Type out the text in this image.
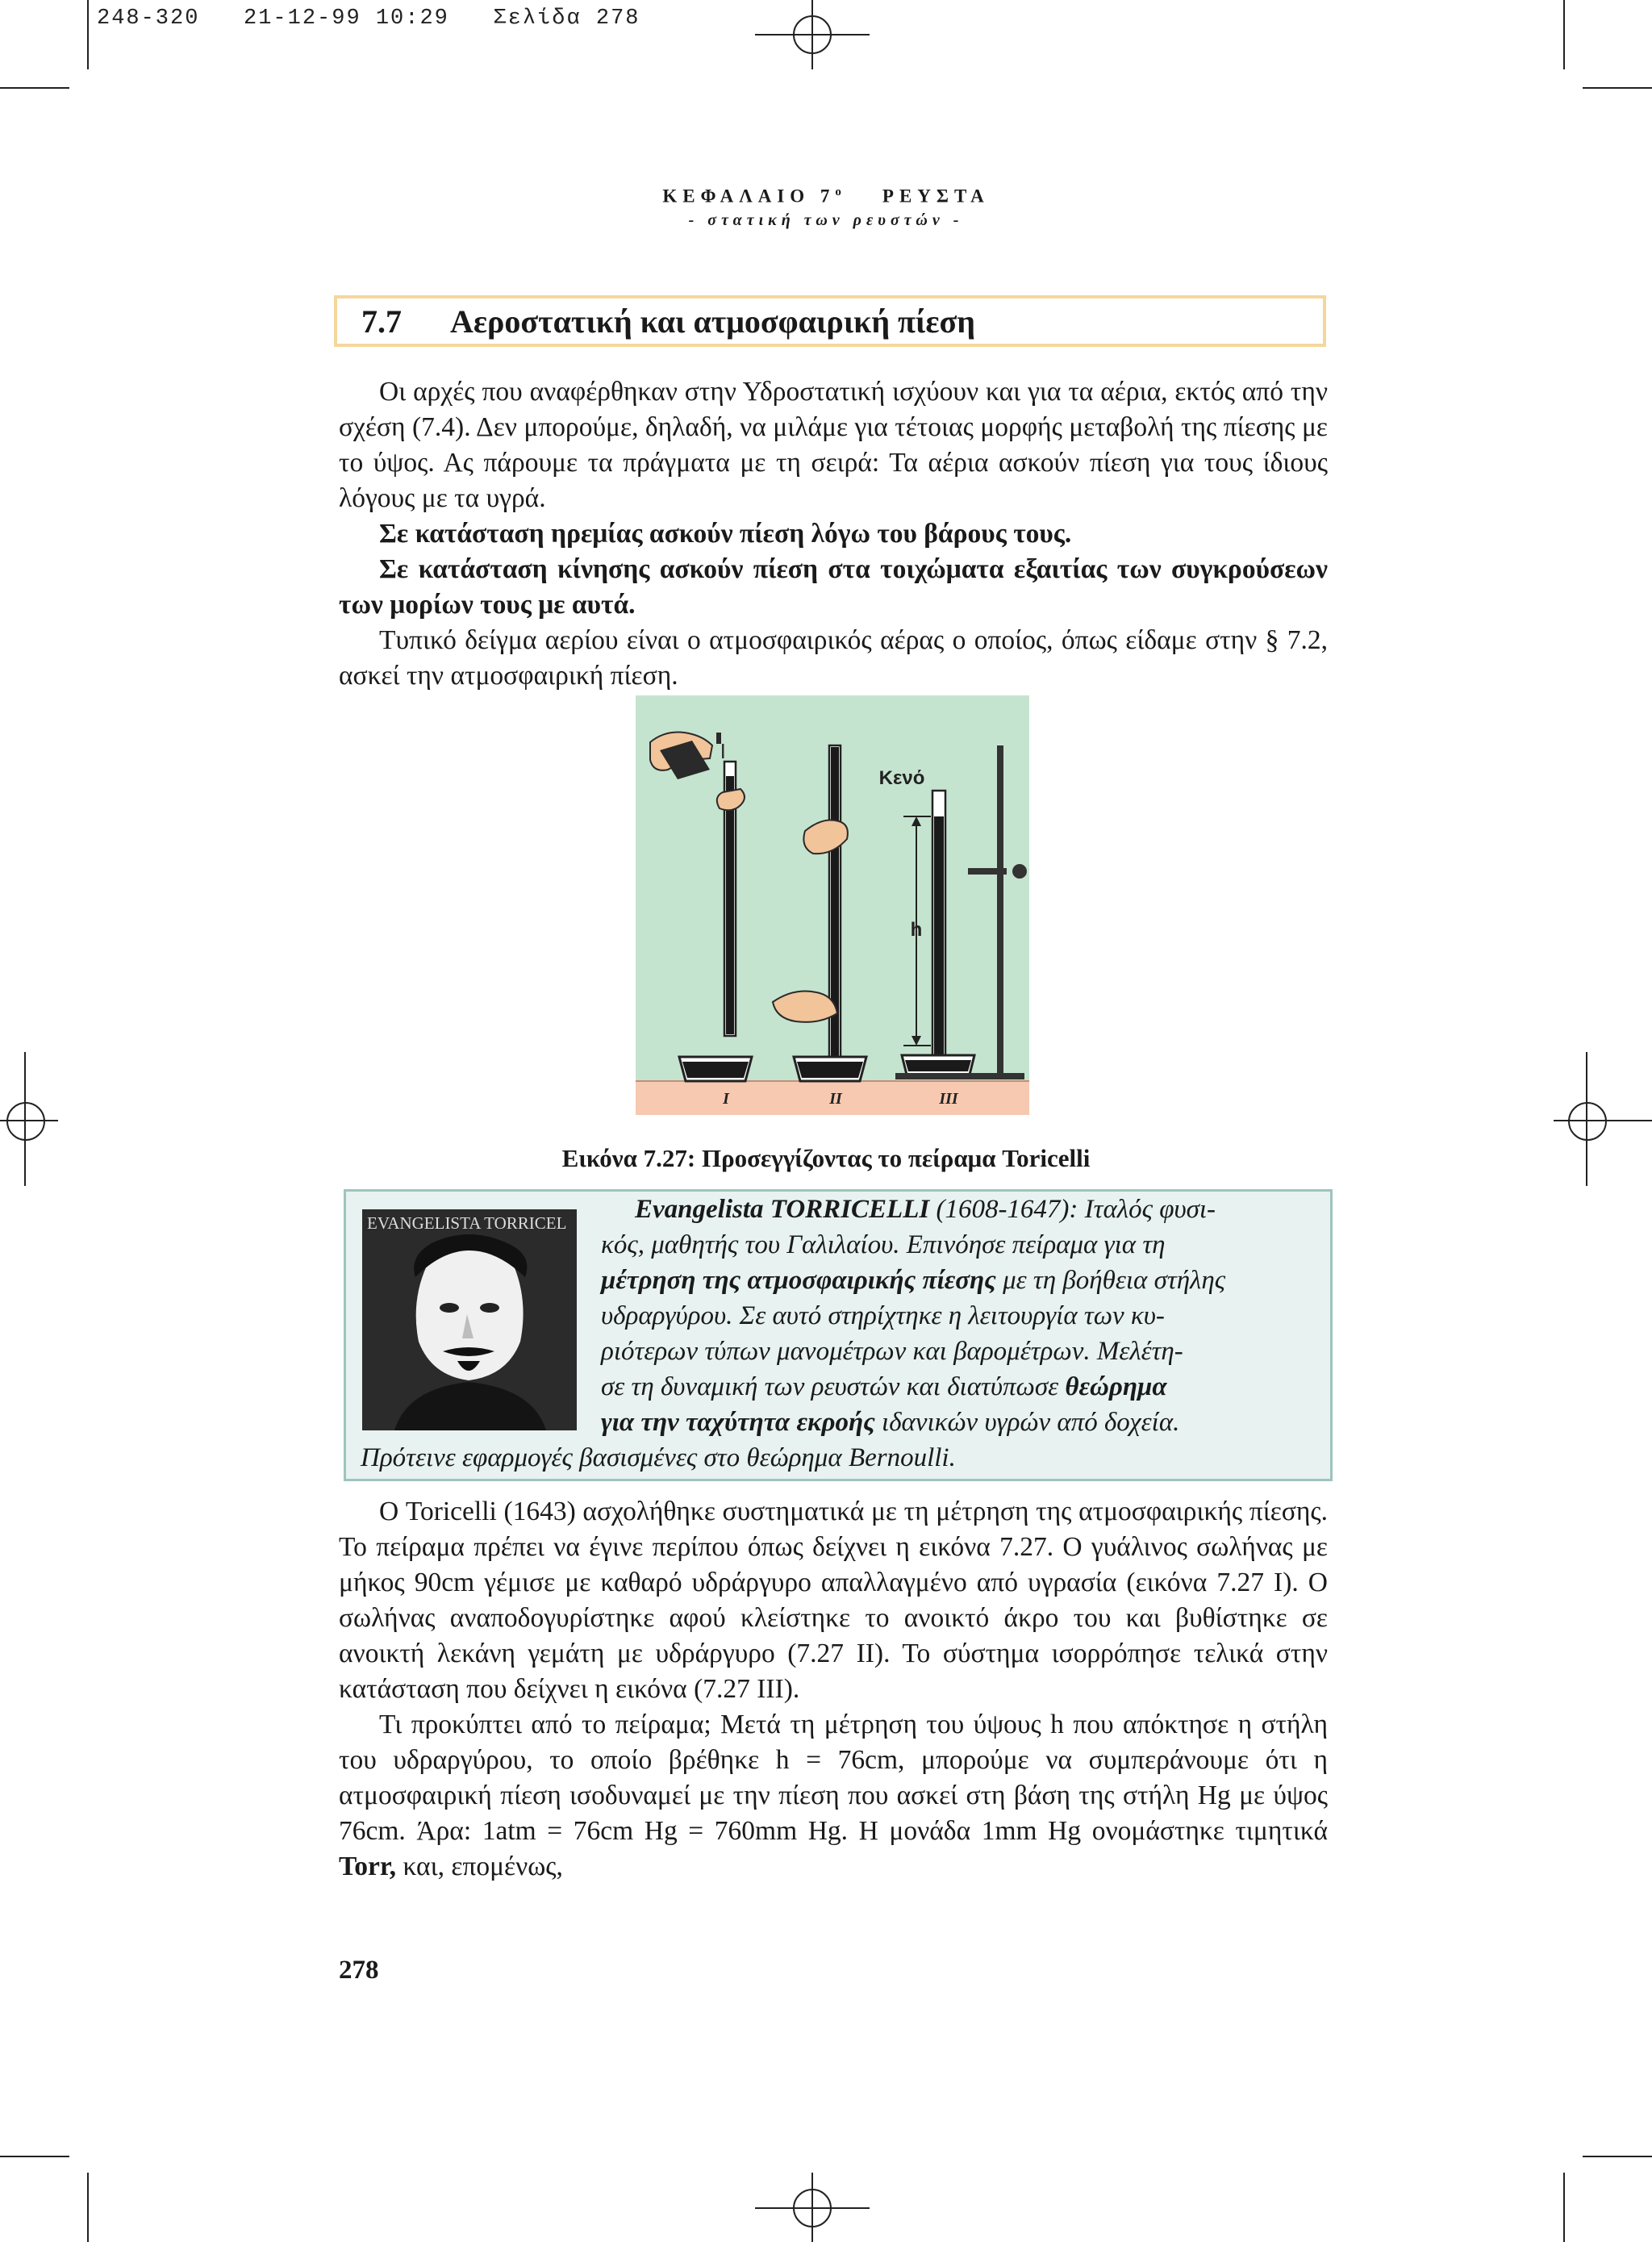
248-320   21-12-99 10:29   Σελίδα 278
ΚΕΦΑΛΑΙΟ $7^o$ ΡΕΥΣΤΑ
- στατική των ρευστών -
7.7	Αεροστατική και ατμοσφαιρική πίεση

Οι αρχές που αναφέρθηκαν στην Υδροστατική ισχύουν και για τα αέρια, εκτός από την σχέση (7.4). Δεν μπορούμε, δηλαδή, να μιλάμε για τέτοιας μορφής μεταβολή της πίεσης με το ύψος. Ας πάρουμε τα πράγματα με τη σειρά: Τα αέρια ασκούν πίεση για τους ίδιους λόγους με τα υγρά.

Σε κατάσταση ηρεμίας ασκούν πίεση λόγω του βάρους τους.

Σε κατάσταση κίνησης ασκούν πίεση στα τοιχώματα εξαιτίας των συγκρούσεων των μορίων τους με αυτά.

Τυπικό δείγμα αερίου είναι ο ατμοσφαιρικός αέρας ο οποίος, όπως είδαμε στην § 7.2, ασκεί την ατμοσφαιρική πίεση.

h
Κενό
I	II	III
Εικόνα 7.27: Προσεγγίζοντας το πείραμα Toricelli
EVANGELISTA TORRICEL	Evangelista TORRICELLI (1608-1647): Ιταλός φυσι-
κός, μαθητής του Γαλιλαίου. Επινόησε πείραμα για τη
μέτρηση της ατμοσφαιρικής πίεσης με τη βοήθεια στήλης
υδραργύρου. Σε αυτό στηρίχτηκε η λειτουργία των κυ-
ριότερων τύπων μανομέτρων και βαρομέτρων. Μελέτη-
σε τη δυναμική των ρευστών και διατύπωσε θεώρημα
για την ταχύτητα εκροής ιδανικών υγρών από δοχεία.
Πρότεινε εφαρμογές βασισμένες στο θεώρημα Bernoulli.

Ο Toricelli (1643) ασχολήθηκε συστηματικά με τη μέτρηση της ατμοσφαιρικής πίεσης. Το πείραμα πρέπει να έγινε περίπου όπως δείχνει η εικόνα 7.27. Ο γυάλινος σωλήνας με μήκος 90cm γέμισε με καθαρό υδράργυρο απαλλαγμένο από υγρασία (εικόνα 7.27 I). Ο σωλήνας αναποδογυρίστηκε αφού κλείστηκε το ανοικτό άκρο του και βυθίστηκε σε ανοικτή λεκάνη γεμάτη με υδράργυρο (7.27 II). Το σύστημα ισορρόπησε τελικά στην κατάσταση που δείχνει η εικόνα (7.27 III).

Τι προκύπτει από το πείραμα; Μετά τη μέτρηση του ύψους h που απόκτησε η στήλη του υδραργύρου, το οποίο βρέθηκε h = 76cm, μπορούμε να συμπεράνουμε ότι η ατμοσφαιρική πίεση ισοδυναμεί με την πίεση που ασκεί στη βάση της στήλη Hg με ύψος 76cm. Άρα: 1atm = 76cm Hg = 760mm Hg. Η μονάδα 1mm Hg ονομάστηκε τιμητικά Torr, και, επομένως,

278
